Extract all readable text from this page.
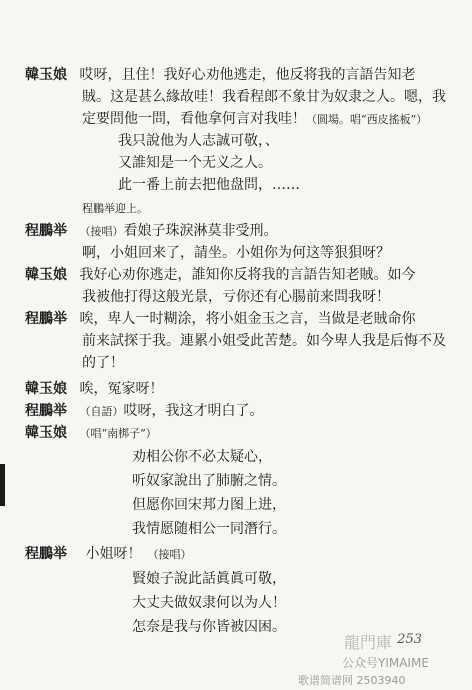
韓玉娘 哎呀，且住！我好心劝他逃走，他反将我的言語告知老
賊。这是甚么緣故哇！我看程郎不象甘为奴隶之人。嗯，我
定要問他一問，看他拿何言对我哇！（圆場。唱“西皮搖板”）
我只說他为人志誠可敬，、
又誰知是一个无义之人。
此一番上前去把他盘問，……
程鵬举迎上。
程鵬举 （接唱）看娘子珠淚淋莫非受刑。
啊，小姐回来了，請坐。小姐你为何这等狠狽呀？
韓玉娘 我好心劝你逃走，誰知你反将我的言語告知老賊。如今
我被他打得这般光景，亏你还有心腸前来問我呀！
程鵬举 唉，卑人一时糊涂，将小姐金玉之言，当做是老賊命你
前来試探于我。連累小姐受此苦楚。如今卑人我是后悔不及
的了！
韓玉娘 唉，冤家呀！
程鵬举 （自語）哎呀，我这才明白了。
韓玉娘 （唱“南梆子”）
劝相公你不必太疑心，
听奴家說出了肺腑之情。
但愿你回宋邦力图上进，
我情愿随相公一同潛行。
程鵬举 小姐呀！ （接唱）
賢娘子說此話眞眞可敬，
大丈夫做奴隶何以为人！
怎奈是我与你皆被囚困。
253
龍門庫
公众号YIMAIME
歌谱简谱网 2503940
